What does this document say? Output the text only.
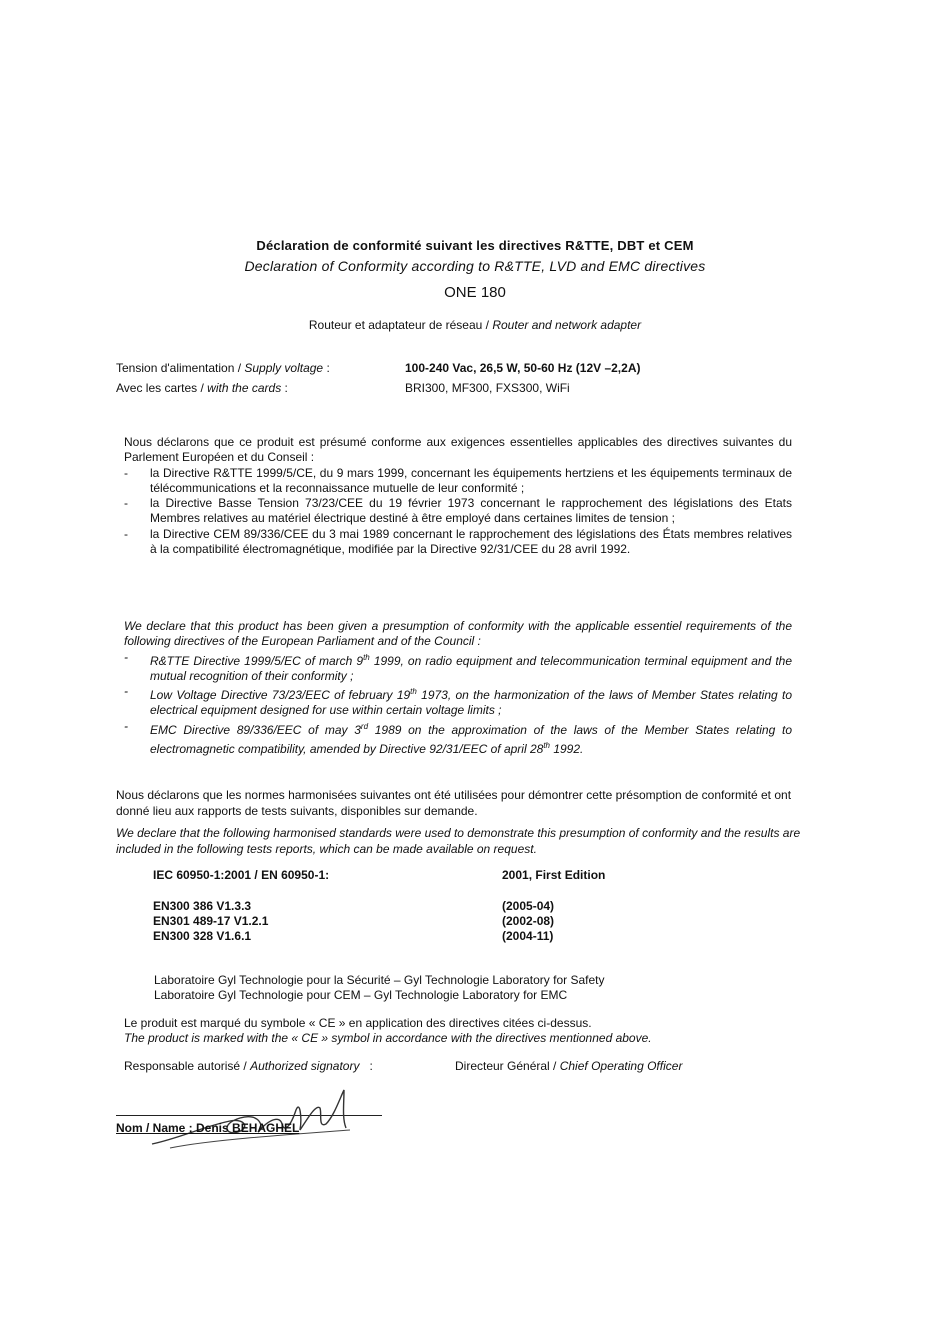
Déclaration de conformité suivant les directives R&TTE, DBT et CEM
Declaration of Conformity according to R&TTE, LVD and EMC directives
ONE 180
Routeur et adaptateur de réseau / Router and network adapter
Tension d'alimentation / Supply voltage :	100-240 Vac, 26,5 W, 50-60 Hz (12V –2,2A)
Avec les cartes / with the cards :	BRI300, MF300, FXS300, WiFi

Nous déclarons que ce produit est présumé conforme aux exigences essentielles applicables des directives suivantes du Parlement Européen et du Conseil :

- la Directive R&TTE 1999/5/CE, du 9 mars 1999, concernant les équipements hertziens et les équipements terminaux de télécommunications et la reconnaissance mutuelle de leur conformité ;
- la Directive Basse Tension 73/23/CEE du 19 février 1973 concernant le rapprochement des législations des Etats Membres relatives au matériel électrique destiné à être employé dans certaines limites de tension ;
- la Directive CEM 89/336/CEE du 3 mai 1989 concernant le rapprochement des législations des États membres relatives à la compatibilité électromagnétique, modifiée par la Directive 92/31/CEE du 28 avril 1992.

We declare that this product has been given a presumption of conformity with the applicable essentiel requirements of the following directives of the European Parliament and of the Council :

- R&TTE Directive 1999/5/EC of march 9th 1999, on radio equipment and telecommunication terminal equipment and the mutual recognition of their conformity ;
- Low Voltage Directive 73/23/EEC of february 19th 1973, on the harmonization of the laws of Member States relating to electrical equipment designed for use within certain voltage limits ;
- EMC Directive 89/336/EEC of may 3rd 1989 on the approximation of the laws of the Member States relating to electromagnetic compatibility, amended by Directive 92/31/EEC of april 28th 1992.

Nous déclarons que les normes harmonisées suivantes ont été utilisées pour démontrer cette présomption de conformité et ont donné lieu aux rapports de tests suivants, disponibles sur demande.

We declare that the following harmonised standards were used to demonstrate this presumption of conformity and the results are included in the following tests reports, which can be made available on request.

IEC 60950-1:2001 / EN 60950-1:	2001, First Edition
EN300 386 V1.3.3	(2005-04)
EN301 489-17 V1.2.1	(2002-08)
EN300 328 V1.6.1	(2004-11)
Laboratoire Gyl Technologie pour la Sécurité – Gyl Technologie Laboratory for Safety
Laboratoire Gyl Technologie pour CEM – Gyl Technologie Laboratory for EMC
Le produit est marqué du symbole « CE » en application des directives citées ci-dessus.
The product is marked with the « CE » symbol in accordance with the directives mentionned above.
Responsable autorisé / Authorized signatory   :	Directeur Général / Chief Operating Officer
Nom / Name : Denis BEHAGHEL
